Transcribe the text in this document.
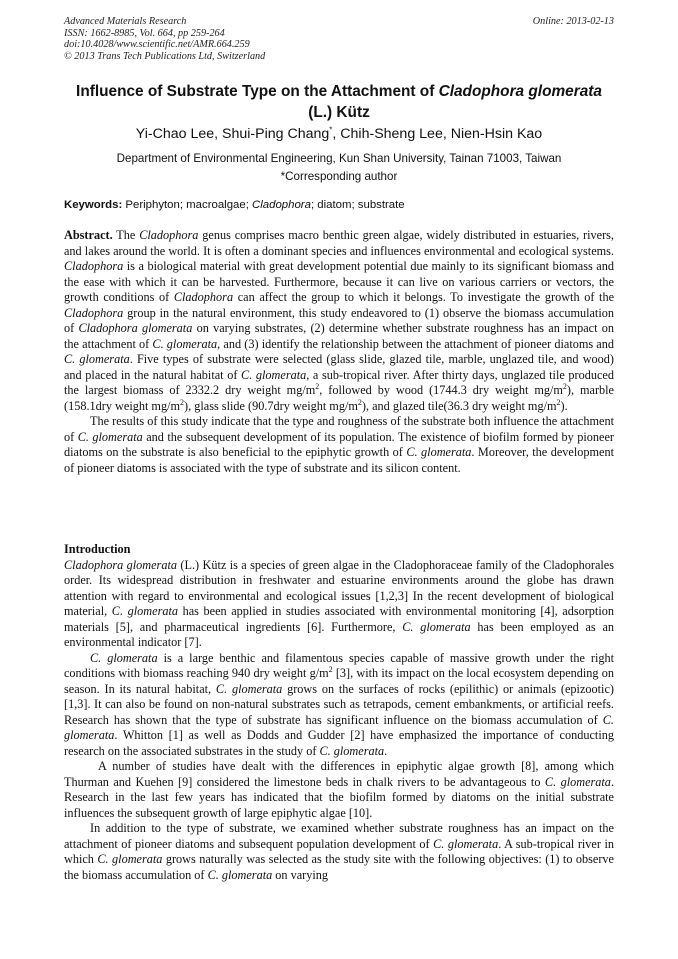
Advanced Materials Research
ISSN: 1662-8985, Vol. 664, pp 259-264
doi:10.4028/www.scientific.net/AMR.664.259
© 2013 Trans Tech Publications Ltd, Switzerland
Online: 2013-02-13
Influence of Substrate Type on the Attachment of Cladophora glomerata
(L.) Kütz
Yi-Chao Lee, Shui-Ping Chang*, Chih-Sheng Lee, Nien-Hsin Kao
Department of Environmental Engineering, Kun Shan University, Tainan 71003, Taiwan
*Corresponding author
Keywords: Periphyton; macroalgae; Cladophora; diatom; substrate

Abstract. The Cladophora genus comprises macro benthic green algae, widely distributed in estuaries, rivers, and lakes around the world. It is often a dominant species and influences environmental and ecological systems. Cladophora is a biological material with great development potential due mainly to its significant biomass and the ease with which it can be harvested. Furthermore, because it can live on various carriers or vectors, the growth conditions of Cladophora can affect the group to which it belongs. To investigate the growth of the Cladophora group in the natural environment, this study endeavored to (1) observe the biomass accumulation of Cladophora glomerata on varying substrates, (2) determine whether substrate roughness has an impact on the attachment of C. glomerata, and (3) identify the relationship between the attachment of pioneer diatoms and C. glomerata. Five types of substrate were selected (glass slide, glazed tile, marble, unglazed tile, and wood) and placed in the natural habitat of C. glomerata, a sub-tropical river. After thirty days, unglazed tile produced the largest biomass of 2332.2 dry weight $mg/m^2$, followed by wood (1744.3 dry weight $mg/m^2$), marble (158.1dry weight $mg/m^2$), glass slide (90.7dry weight $mg/m^2$), and glazed tile(36.3 dry weight $mg/m^2$).

The results of this study indicate that the type and roughness of the substrate both influence the attachment of C. glomerata and the subsequent development of its population. The existence of biofilm formed by pioneer diatoms on the substrate is also beneficial to the epiphytic growth of C. glomerata. Moreover, the development of pioneer diatoms is associated with the type of substrate and its silicon content.

Introduction

Cladophora glomerata (L.) Kütz is a species of green algae in the Cladophoraceae family of the Cladophorales order. Its widespread distribution in freshwater and estuarine environments around the globe has drawn attention with regard to environmental and ecological issues [1,2,3] In the recent development of biological material, C. glomerata has been applied in studies associated with environmental monitoring [4], adsorption materials [5], and pharmaceutical ingredients [6]. Furthermore, C. glomerata has been employed as an environmental indicator [7].

C. glomerata is a large benthic and filamentous species capable of massive growth under the right conditions with biomass reaching 940 dry weight $g/m^2$ [3], with its impact on the local ecosystem depending on season. In its natural habitat, C. glomerata grows on the surfaces of rocks (epilithic) or animals (epizootic) [1,3]. It can also be found on non-natural substrates such as tetrapods, cement embankments, or artificial reefs. Research has shown that the type of substrate has significant influence on the biomass accumulation of C. glomerata. Whitton [1] as well as Dodds and Gudder [2] have emphasized the importance of conducting research on the associated substrates in the study of C. glomerata.

A number of studies have dealt with the differences in epiphytic algae growth [8], among which Thurman and Kuehen [9] considered the limestone beds in chalk rivers to be advantageous to C. glomerata. Research in the last few years has indicated that the biofilm formed by diatoms on the initial substrate influences the subsequent growth of large epiphytic algae [10].

In addition to the type of substrate, we examined whether substrate roughness has an impact on the attachment of pioneer diatoms and subsequent population development of C. glomerata. A sub-tropical river in which C. glomerata grows naturally was selected as the study site with the following objectives: (1) to observe the biomass accumulation of C. glomerata on varying
